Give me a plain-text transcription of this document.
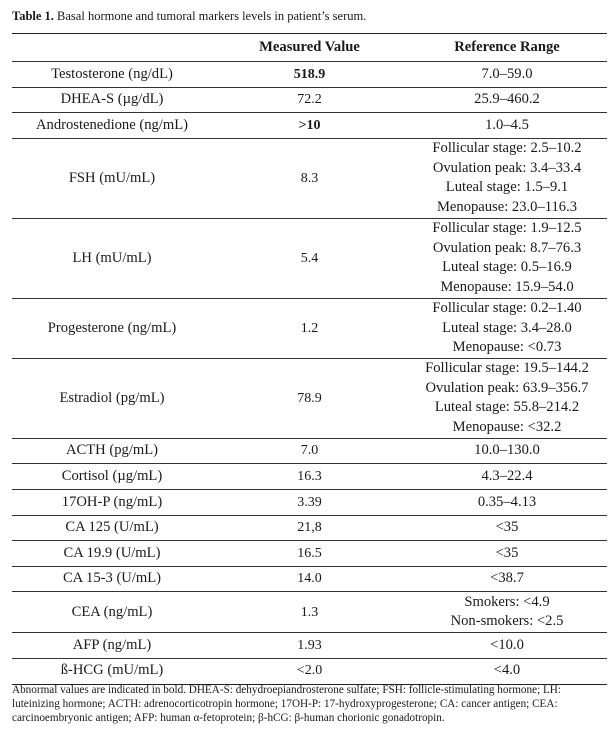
Table 1. Basal hormone and tumoral markers levels in patient’s serum.
	Measured Value	Reference Range
Testosterone (ng/dL)	518.9	7.0–59.0

DHEA-S (µg/dL)	72.2	25.9–460.2

Androstenedione (ng/mL)	>10	1.0–4.5

FSH (mU/mL)	8.3	Follicular stage: 2.5–10.2
Ovulation peak: 3.4–33.4
Luteal stage: 1.5–9.1
Menopause: 23.0–116.3

LH (mU/mL)	5.4	Follicular stage: 1.9–12.5
Ovulation peak: 8.7–76.3
Luteal stage: 0.5–16.9
Menopause: 15.9–54.0

Progesterone (ng/mL)	1.2	Follicular stage: 0.2–1.40
Luteal stage: 3.4–28.0
Menopause: <0.73

Estradiol (pg/mL)	78.9	Follicular stage: 19.5–144.2
Ovulation peak: 63.9–356.7
Luteal stage: 55.8–214.2
Menopause: <32.2

ACTH (pg/mL)	7.0	10.0–130.0

Cortisol (µg/mL)	16.3	4.3–22.4

17OH-P (ng/mL)	3.39	0.35–4.13

CA 125 (U/mL)	21,8	<35

CA 19.9 (U/mL)	16.5	<35

CA 15-3 (U/mL)	14.0	<38.7

CEA (ng/mL)	1.3	Smokers: <4.9
Non-smokers: <2.5

AFP (ng/mL)	1.93	<10.0

ß-HCG (mU/mL)	<2.0	<4.0
Abnormal values are indicated in bold. DHEA-S: dehydroepiandrosterone sulfate; FSH: follicle-stimulating hormone; LH: luteinizing hormone; ACTH: adrenocorticotropin hormone; 17OH-P: 17-hydroxyprogesterone; CA: cancer antigen; CEA: carcinoembryonic antigen; AFP: human α-fetoprotein; β-hCG: β-human chorionic gonadotropin.
